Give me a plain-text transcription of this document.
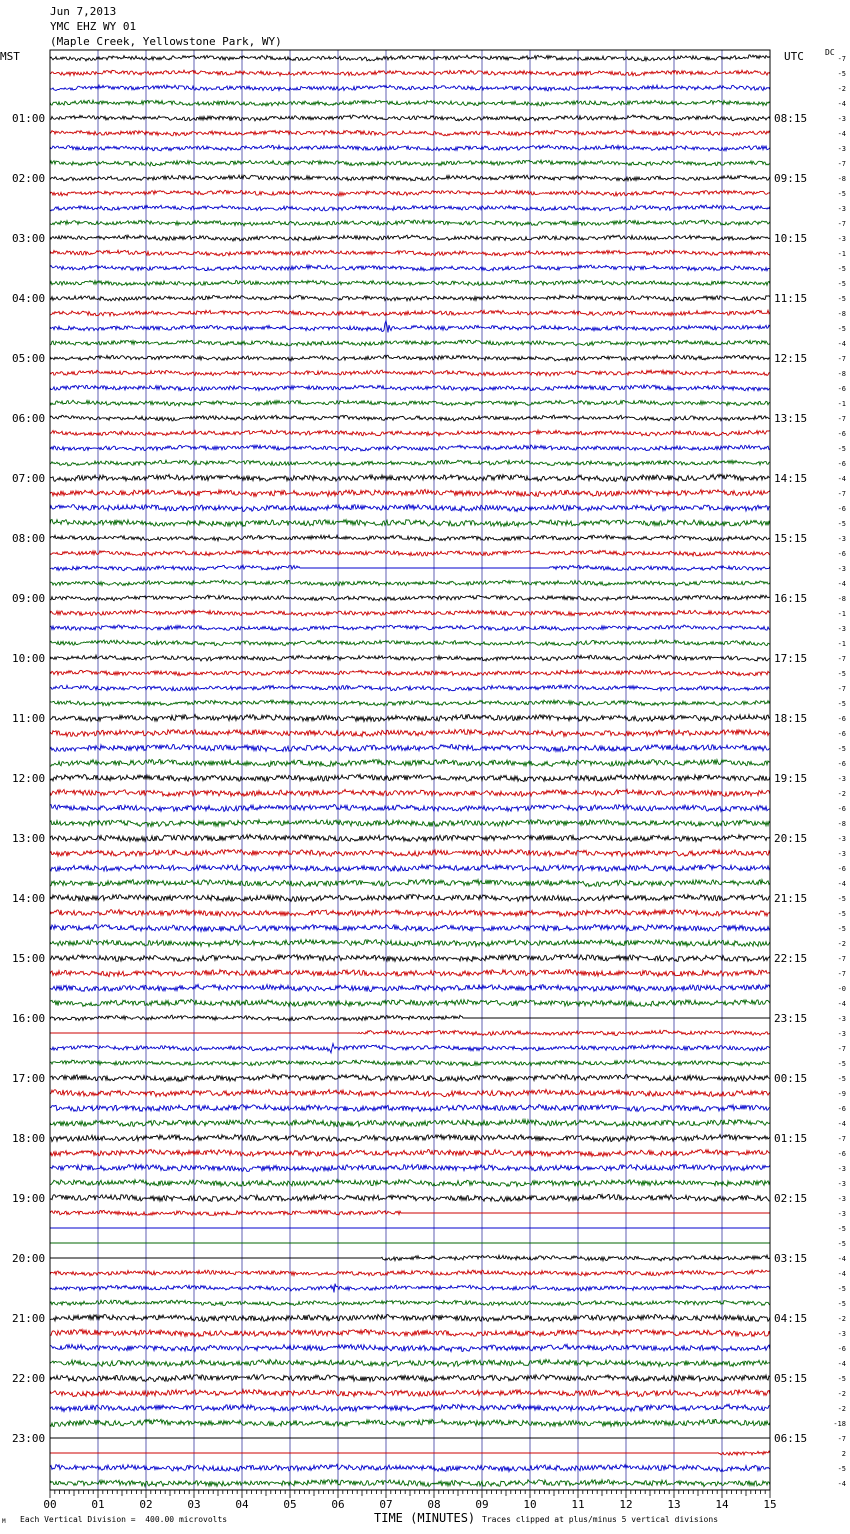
Jun 7,2013
YMC EHZ WY 01
(Maple Creek, Yellowstone Park, WY)
MST	UTC	DC
01:00
02:00
03:00
04:00
05:00
06:00
07:00
08:00
09:00
10:00
11:00
12:00
13:00
14:00
15:00
16:00
17:00
18:00
19:00
20:00
21:00
22:00
23:00
08:15
09:15
10:15
11:15
12:15
13:15
14:15
15:15
16:15
17:15
18:15
19:15
20:15
21:15
22:15
23:15
00:15
01:15
02:15
03:15
04:15
05:15
06:15
-7
-5
-2
-4
-3
-4
-3
-7
-8
-5
-3
-7
-3
-1
-5
-5
-5
-8
-5
-4
-7
-8
-6
-1
-7
-6
-5
-6
-4
-7
-6
-5
-3
-6
-3
-4
-8
-1
-3
-1
-7
-5
-7
-5
-6
-6
-5
-6
-3
-2
-6
-8
-3
-3
-6
-4
-5
-5
-5
-2
-7
-7
-0
-4
-3
-3
-7
-5
-5
-9
-6
-4
-7
-6
-3
-3
-3
-3
-5
-5
-4
-4
-5
-5
-2
-3
-6
-4
-5
-2
-2
-18
-7
2
-5
-4
00	01	02	03	04	05	06	07	08	09	10	11	12	13	14	15
TIME (MINUTES)
Each Vertical Division =  400.00 microvolts	Traces clipped at plus/minus 5 vertical divisions
M
